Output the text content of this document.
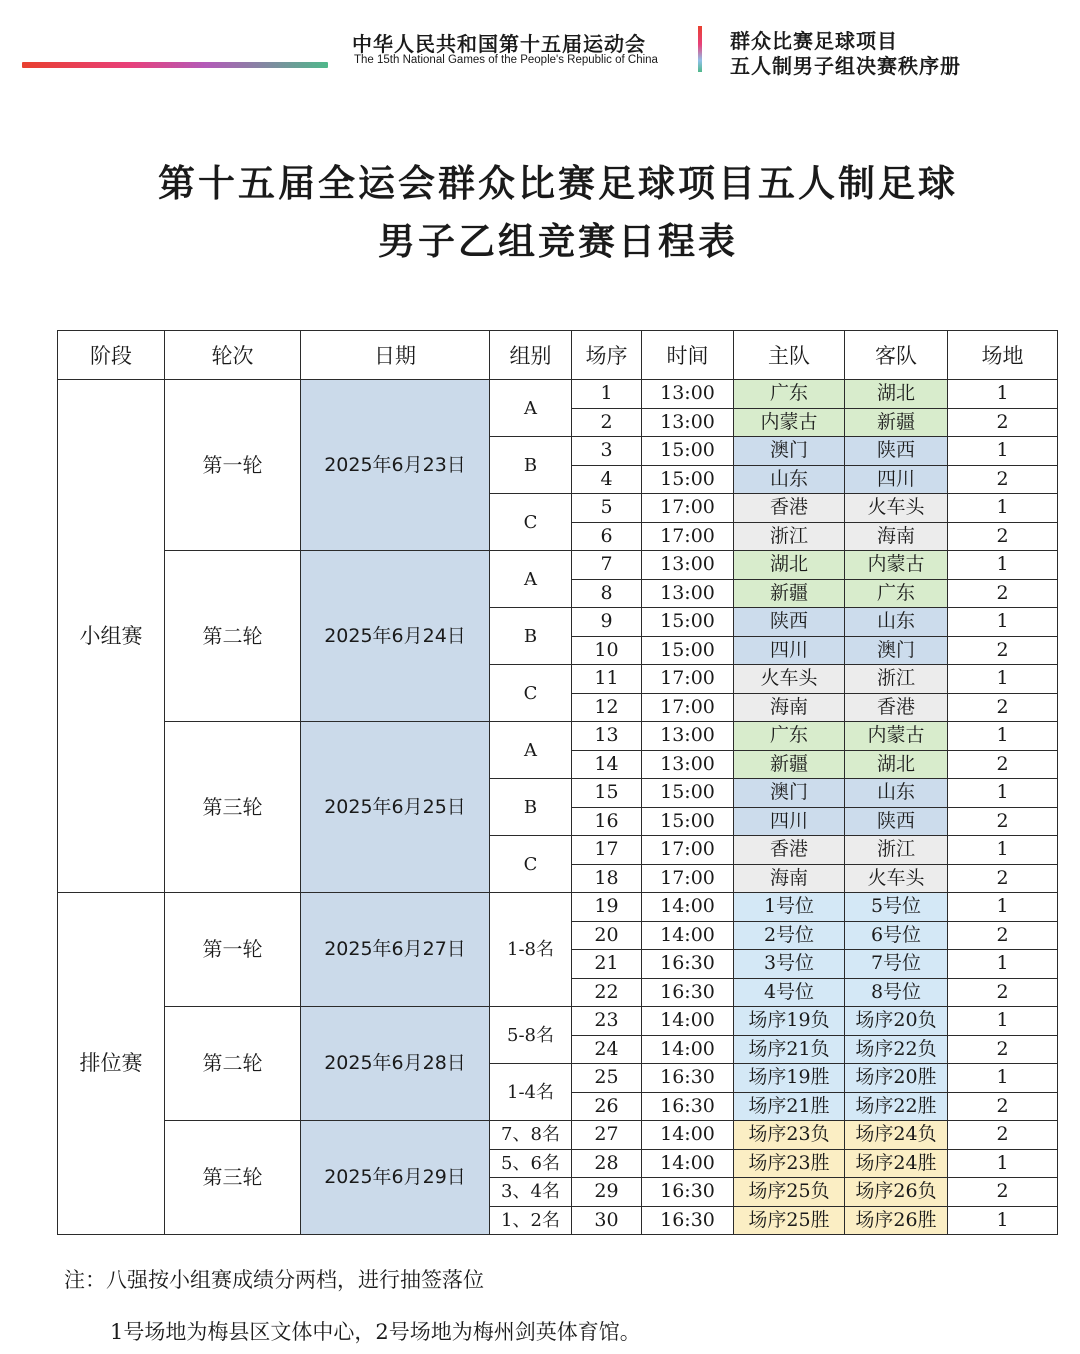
中华人民共和国第十五届运动会
The 15th National Games of the People's Republic of China
群众比赛足球项目
五人制男子组决赛秩序册
第十五届全运会群众比赛足球项目五人制足球
男子乙组竞赛日程表
阶段	轮次	日期	组别	场序	时间	主队	客队	场地
小组赛	第一轮	2025年6月23日	A	1	13:00	广东	湖北	1
				2	13:00	内蒙古	新疆	2
			B	3	15:00	澳门	陕西	1
				4	15:00	山东	四川	2
			C	5	17:00	香港	火车头	1
				6	17:00	浙江	海南	2
	第二轮	2025年6月24日	A	7	13:00	湖北	内蒙古	1
				8	13:00	新疆	广东	2
			B	9	15:00	陕西	山东	1
				10	15:00	四川	澳门	2
			C	11	17:00	火车头	浙江	1
				12	17:00	海南	香港	2
	第三轮	2025年6月25日	A	13	13:00	广东	内蒙古	1
				14	13:00	新疆	湖北	2
			B	15	15:00	澳门	山东	1
				16	15:00	四川	陕西	2
			C	17	17:00	香港	浙江	1
				18	17:00	海南	火车头	2
排位赛	第一轮	2025年6月27日	1-8名	19	14:00	1号位	5号位	1
				20	14:00	2号位	6号位	2
				21	16:30	3号位	7号位	1
				22	16:30	4号位	8号位	2
	第二轮	2025年6月28日	5-8名	23	14:00	场序19负	场序20负	1
				24	14:00	场序21负	场序22负	2
			1-4名	25	16:30	场序19胜	场序20胜	1
				26	16:30	场序21胜	场序22胜	2
	第三轮	2025年6月29日	7、8名	27	14:00	场序23负	场序24负	2
			5、6名	28	14:00	场序23胜	场序24胜	1
			3、4名	29	16:30	场序25负	场序26负	2
			1、2名	30	16:30	场序25胜	场序26胜	1
注：八强按小组赛成绩分两档，进行抽签落位
1号场地为梅县区文体中心，2号场地为梅州剑英体育馆。
